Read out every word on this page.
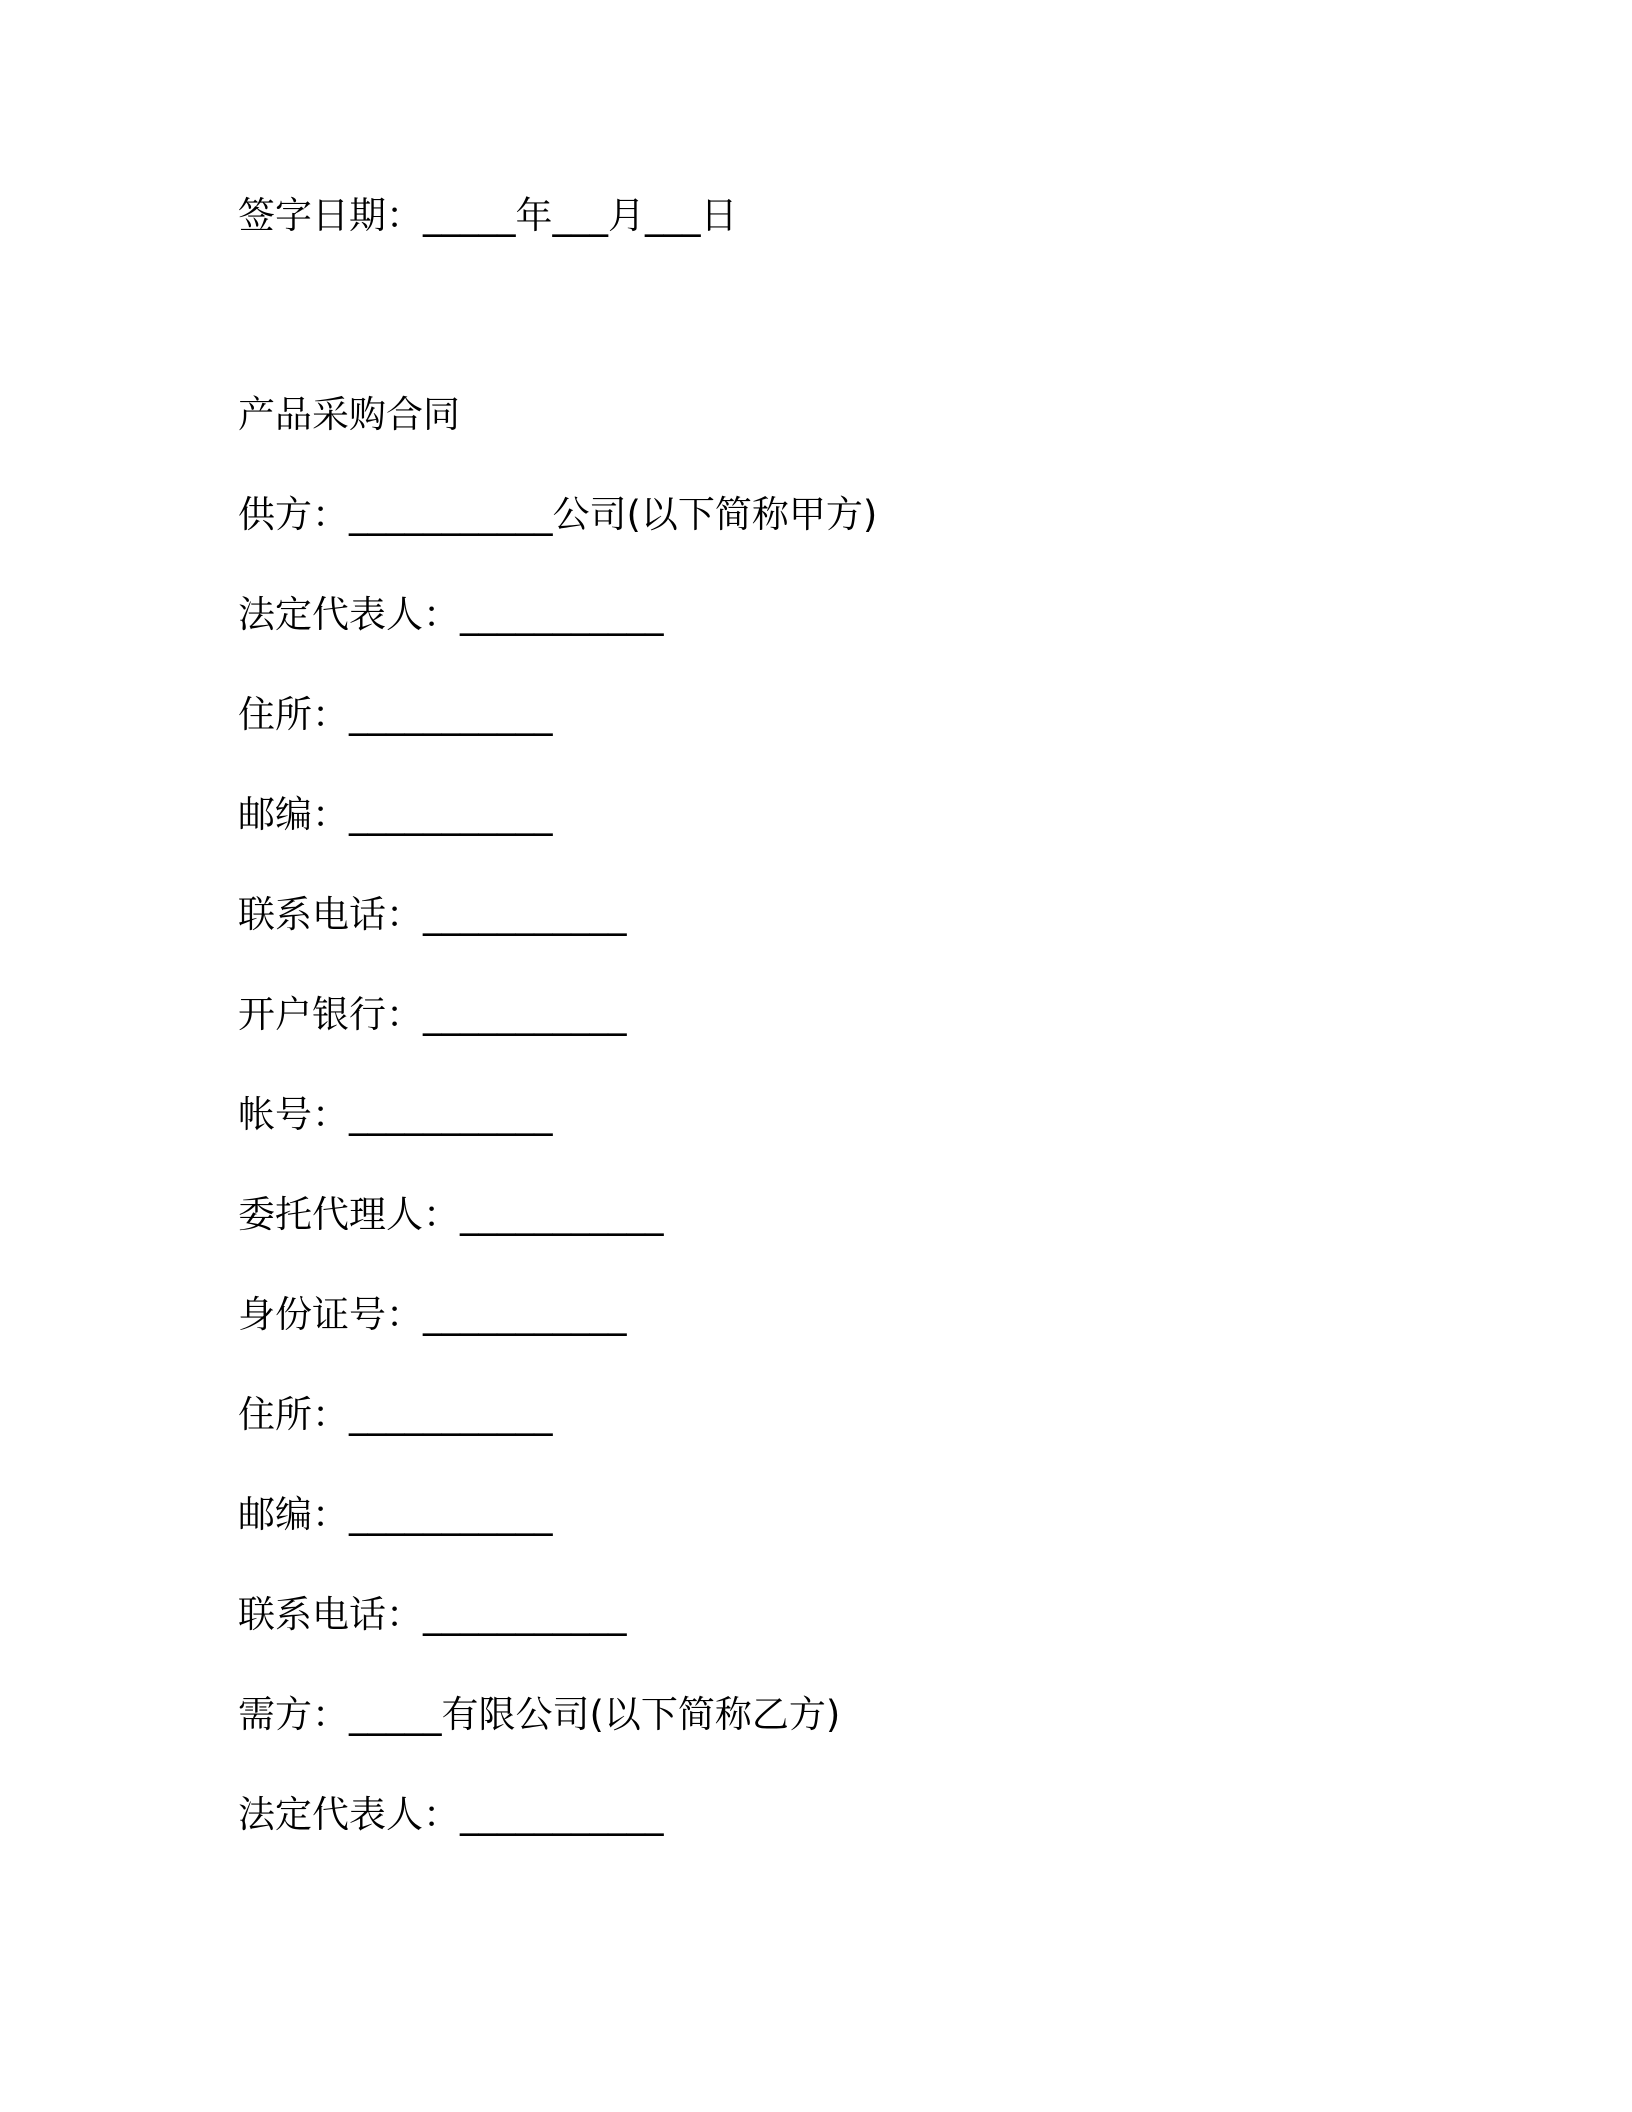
签字日期：_____年___月___日

产品采购合同

供方：___________公司(以下简称甲方)

法定代表人：___________

住所：___________

邮编：___________

联系电话：___________

开户银行：___________

帐号：___________

委托代理人：___________

身份证号：___________

住所：___________

邮编：___________

联系电话：___________

需方：_____有限公司(以下简称乙方)

法定代表人：___________
